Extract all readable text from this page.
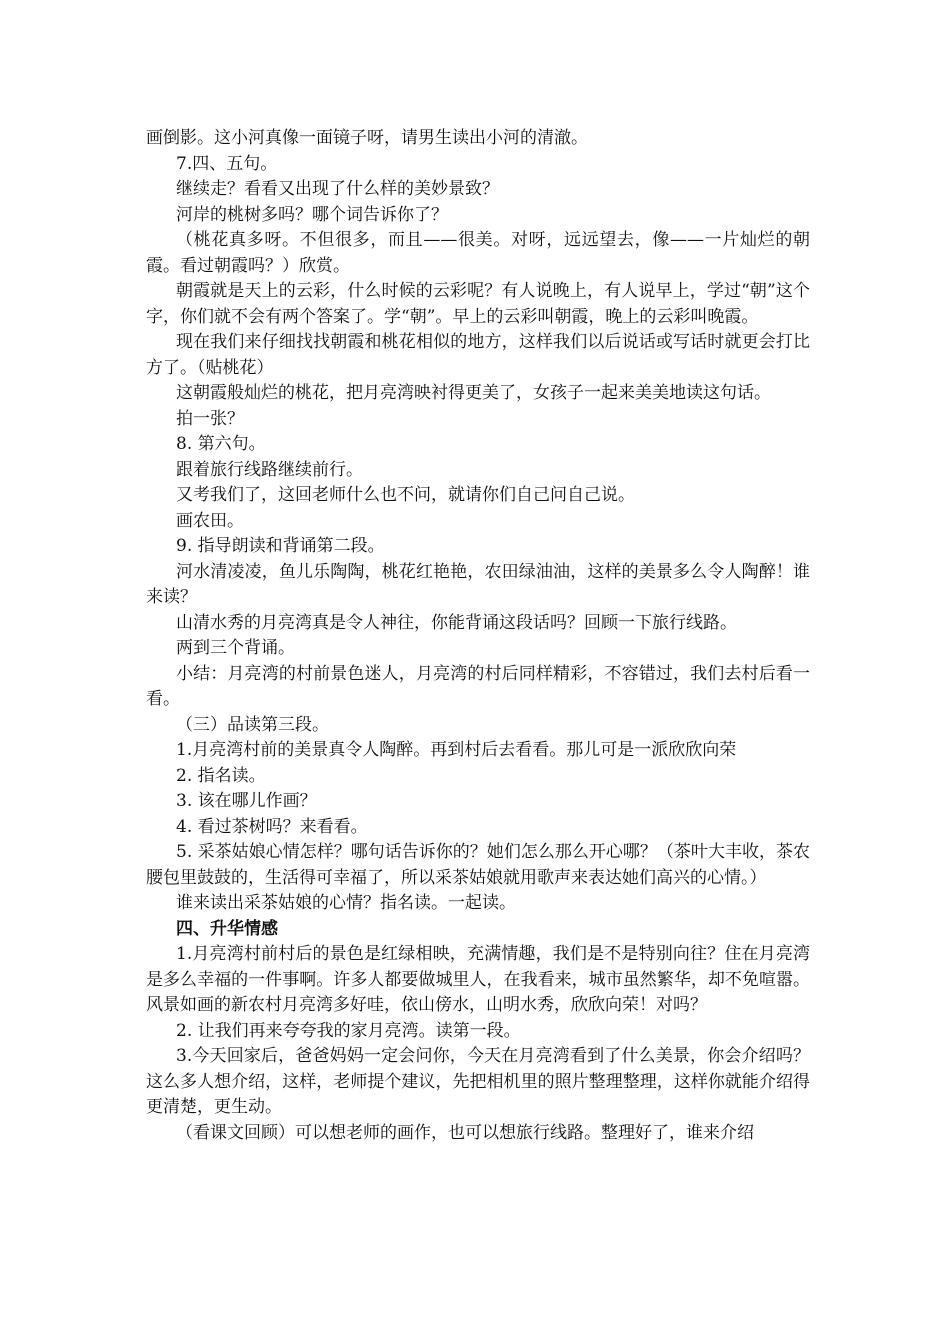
画倒影。这小河真像一面镜子呀，请男生读出小河的清澈。

7.四、五句。

继续走？看看又出现了什么样的美妙景致？

河岸的桃树多吗？哪个词告诉你了？

（桃花真多呀。不但很多，而且——很美。对呀，远远望去，像——一片灿烂的朝霞。看过朝霞吗？）欣赏。

朝霞就是天上的云彩，什么时候的云彩呢？有人说晚上，有人说早上，学过“朝”这个字，你们就不会有两个答案了。学“朝”。早上的云彩叫朝霞，晚上的云彩叫晚霞。

现在我们来仔细找找朝霞和桃花相似的地方，这样我们以后说话或写话时就更会打比方了。（贴桃花）

这朝霞般灿烂的桃花，把月亮湾映衬得更美了，女孩子一起来美美地读这句话。

拍一张？

8. 第六句。

跟着旅行线路继续前行。

又考我们了，这回老师什么也不问，就请你们自己问自己说。

画农田。

9. 指导朗读和背诵第二段。

河水清凌凌，鱼儿乐陶陶，桃花红艳艳，农田绿油油，这样的美景多么令人陶醉！谁来读？

山清水秀的月亮湾真是令人神往，你能背诵这段话吗？回顾一下旅行线路。

两到三个背诵。

小结：月亮湾的村前景色迷人，月亮湾的村后同样精彩，不容错过，我们去村后看一看。

（三）品读第三段。

1.月亮湾村前的美景真令人陶醉。再到村后去看看。那儿可是一派欣欣向荣

2. 指名读。

3. 该在哪儿作画？

4. 看过茶树吗？来看看。

5. 采茶姑娘心情怎样？哪句话告诉你的？她们怎么那么开心哪？（茶叶大丰收，茶农腰包里鼓鼓的，生活得可幸福了，所以采茶姑娘就用歌声来表达她们高兴的心情。）

谁来读出采茶姑娘的心情？指名读。一起读。

四、升华情感

1.月亮湾村前村后的景色是红绿相映，充满情趣，我们是不是特别向往？住在月亮湾是多么幸福的一件事啊。许多人都要做城里人，在我看来，城市虽然繁华，却不免喧嚣。风景如画的新农村月亮湾多好哇，依山傍水，山明水秀，欣欣向荣！对吗？

2. 让我们再来夸夸我的家月亮湾。读第一段。

3.今天回家后，爸爸妈妈一定会问你，今天在月亮湾看到了什么美景，你会介绍吗？这么多人想介绍，这样，老师提个建议，先把相机里的照片整理整理，这样你就能介绍得更清楚，更生动。

（看课文回顾）可以想老师的画作，也可以想旅行线路。整理好了，谁来介绍
